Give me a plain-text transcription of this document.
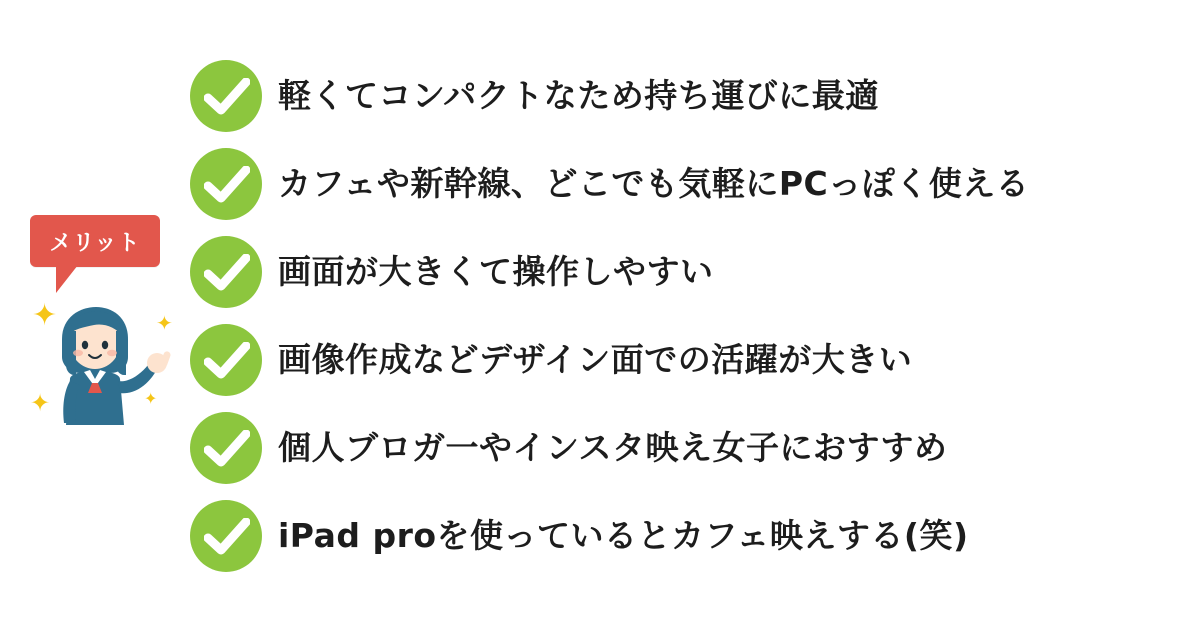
メリット
✦	✦
✦	✦
軽くてコンパクトなため持ち運びに最適
カフェや新幹線、どこでも気軽にPCっぽく使える
画面が大きくて操作しやすい
画像作成などデザイン面での活躍が大きい
個人ブロガ一やインスタ映え女子におすすめ
iPad proを使っているとカフェ映えする(笑)
